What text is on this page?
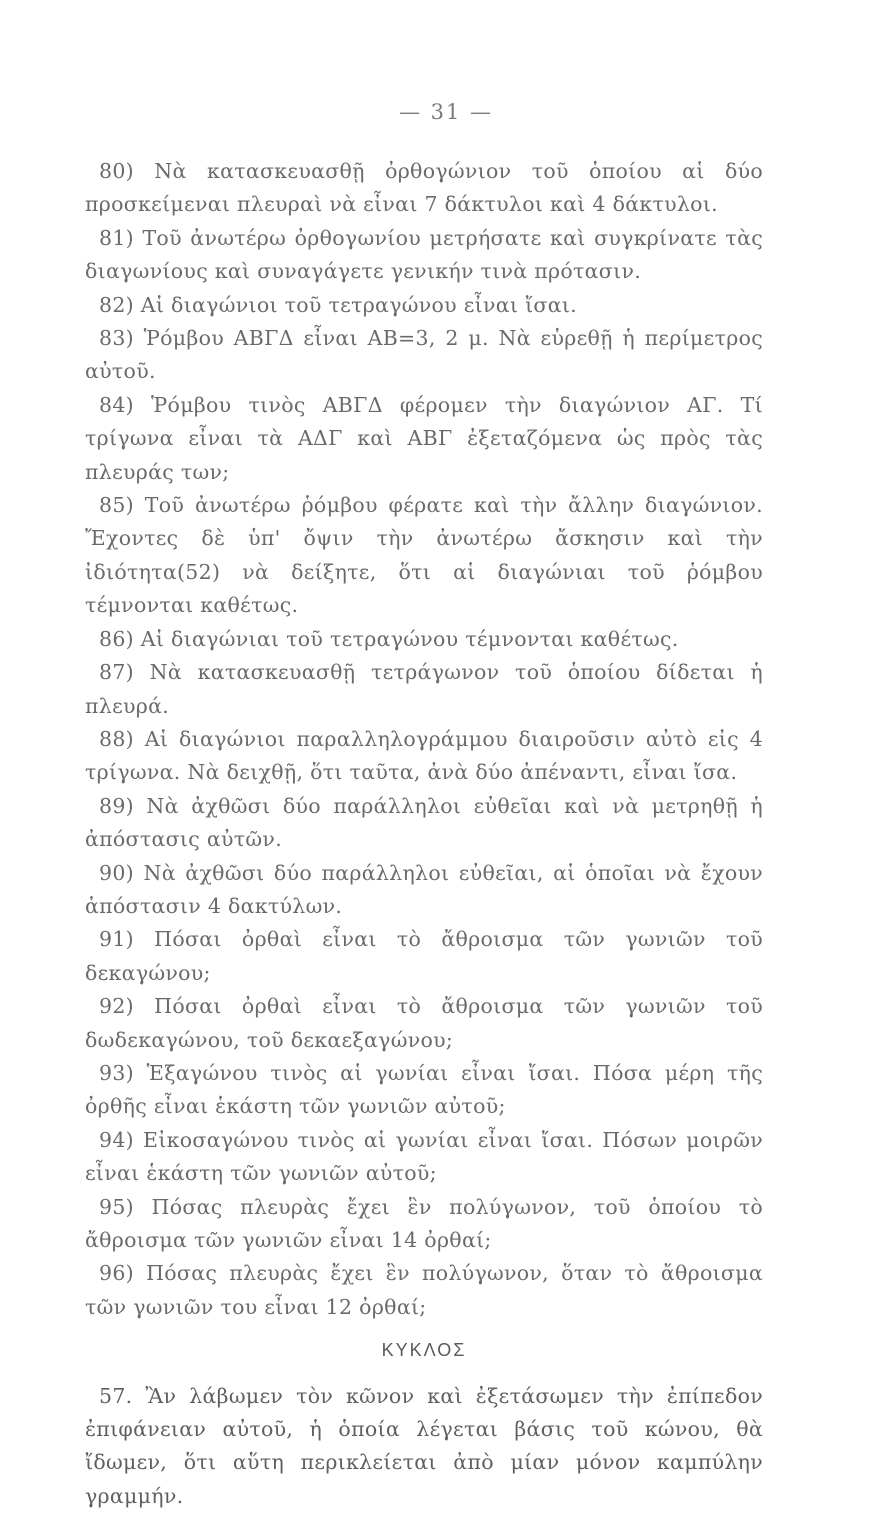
— 31 —

80) Νὰ κατασκευασθῇ ὀρθογώνιον τοῦ ὁποίου αἱ δύο προσκείμεναι πλευραὶ νὰ εἶναι 7 δάκτυλοι καὶ 4 δάκτυλοι.

81) Τοῦ ἀνωτέρω ὀρθογωνίου μετρήσατε καὶ συγκρίνατε τὰς διαγωνίους καὶ συναγάγετε γενικήν τινὰ πρότασιν.

82) Αἱ διαγώνιοι τοῦ τετραγώνου εἶναι ἴσαι.

83) Ῥόμβου ΑΒΓΔ εἶναι ΑΒ=3, 2 μ. Νὰ εὑρεθῇ ἡ περίμετρος αὐτοῦ.

84) Ῥόμβου τινὸς ΑΒΓΔ φέρομεν τὴν διαγώνιον ΑΓ. Τί τρίγωνα εἶναι τὰ ΑΔΓ καὶ ΑΒΓ ἐξεταζόμενα ὡς πρὸς τὰς πλευράς των;

85) Τοῦ ἀνωτέρω ῥόμβου φέρατε καὶ τὴν ἄλλην διαγώνιον. Ἔχοντες δὲ ὑπ' ὄψιν τὴν ἀνωτέρω ἄσκησιν καὶ τὴν ἰδιότητα(52) νὰ δείξητε, ὅτι αἱ διαγώνιαι τοῦ ῥόμβου τέμνονται καθέτως.

86) Αἱ διαγώνιαι τοῦ τετραγώνου τέμνονται καθέτως.

87) Νὰ κατασκευασθῇ τετράγωνον τοῦ ὁποίου δίδεται ἡ πλευρά.

88) Αἱ διαγώνιοι παραλληλογράμμου διαιροῦσιν αὐτὸ εἰς 4 τρίγωνα. Νὰ δειχθῇ, ὅτι ταῦτα, ἀνὰ δύο ἀπέναντι, εἶναι ἴσα.

89) Νὰ ἀχθῶσι δύο παράλληλοι εὐθεῖαι καὶ νὰ μετρηθῇ ἡ ἀπόστασις αὐτῶν.

90) Νὰ ἀχθῶσι δύο παράλληλοι εὐθεῖαι, αἱ ὁποῖαι νὰ ἔχουν ἀπόστασιν 4 δακτύλων.

91) Πόσαι ὀρθαὶ εἶναι τὸ ἄθροισμα τῶν γωνιῶν τοῦ δεκαγώνου;

92) Πόσαι ὀρθαὶ εἶναι τὸ ἄθροισμα τῶν γωνιῶν τοῦ δωδεκαγώνου, τοῦ δεκαεξαγώνου;

93) Ἑξαγώνου τινὸς αἱ γωνίαι εἶναι ἴσαι. Πόσα μέρη τῆς ὀρθῆς εἶναι ἑκάστη τῶν γωνιῶν αὐτοῦ;

94) Εἰκοσαγώνου τινὸς αἱ γωνίαι εἶναι ἴσαι. Πόσων μοιρῶν εἶναι ἑκάστη τῶν γωνιῶν αὐτοῦ;

95) Πόσας πλευρὰς ἔχει ἓν πολύγωνον, τοῦ ὁποίου τὸ ἄθροισμα τῶν γωνιῶν εἶναι 14 ὀρθαί;

96) Πόσας πλευρὰς ἔχει ἓν πολύγωνον, ὅταν τὸ ἄθροισμα τῶν γωνιῶν του εἶναι 12 ὀρθαί;

ΚΥΚΛΟΣ

57. Ἂν λάβωμεν τὸν κῶνον καὶ ἐξετάσωμεν τὴν ἐπίπεδον ἐπιφάνειαν αὐτοῦ, ἡ ὁποία λέγεται βάσις τοῦ κώνου, θὰ ἴδωμεν, ὅτι αὕτη περικλείεται ἀπὸ μίαν μόνον καμπύλην γραμμήν.
